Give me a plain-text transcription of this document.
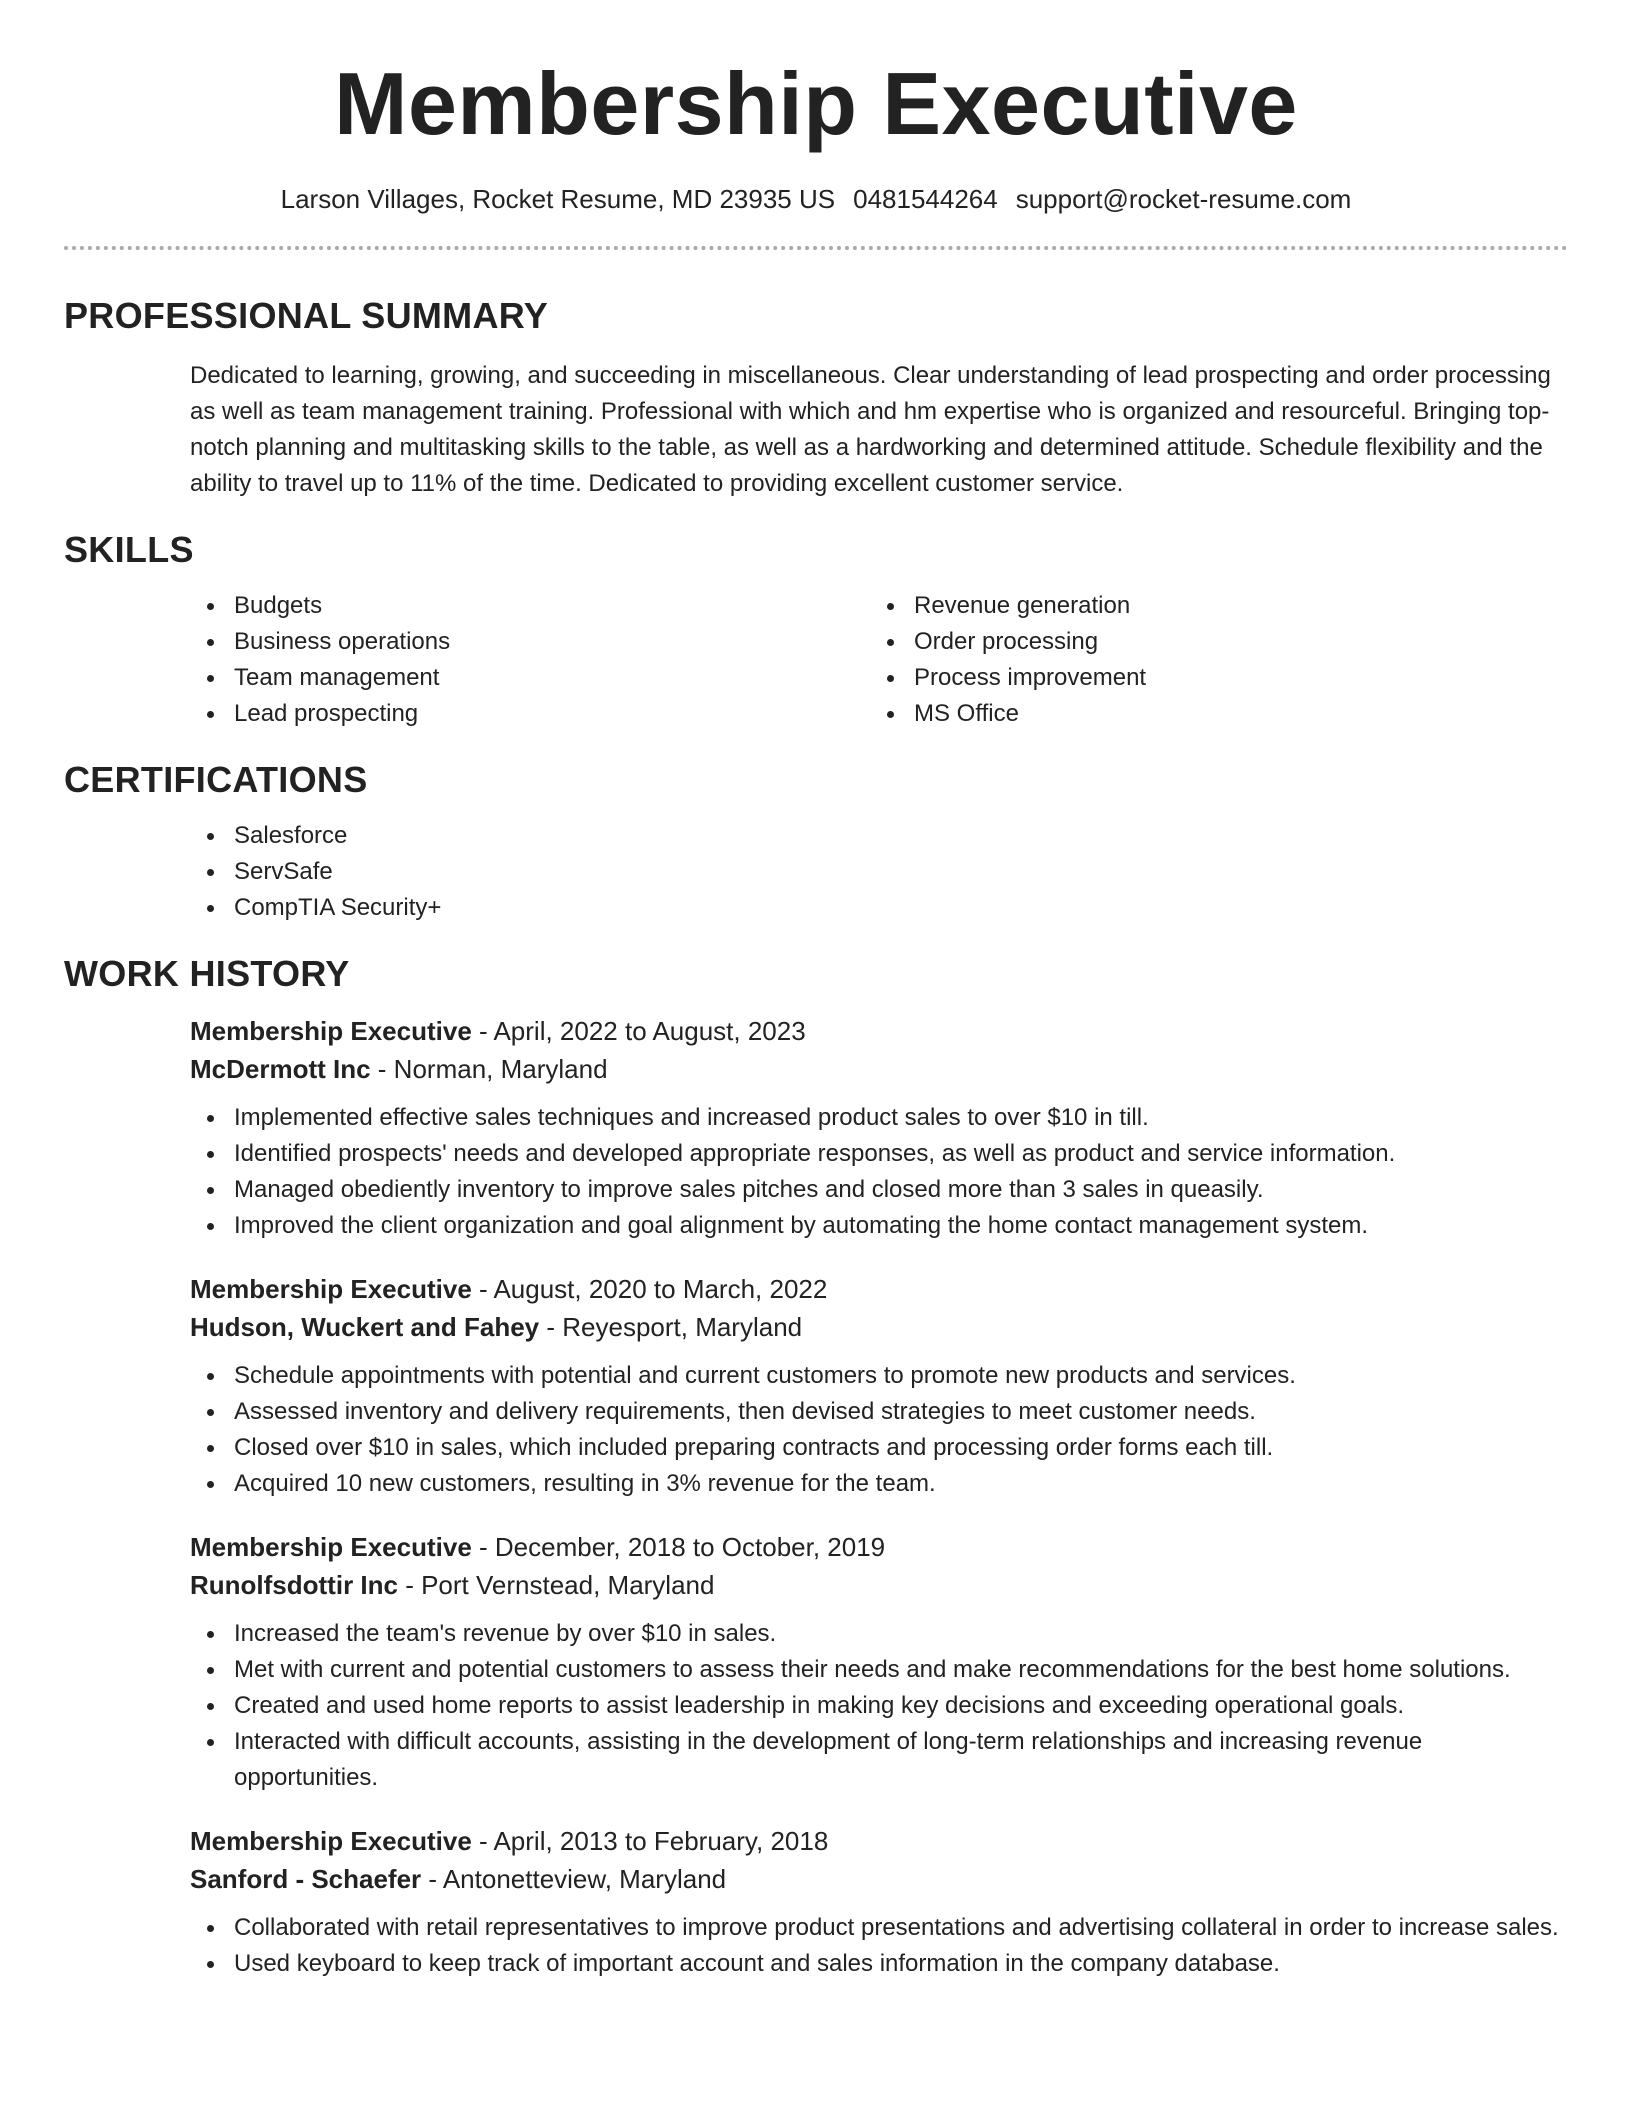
Membership Executive
Larson Villages, Rocket Resume, MD 23935 US 0481544264 support@rocket-resume.com
PROFESSIONAL SUMMARY

Dedicated to learning, growing, and succeeding in miscellaneous. Clear understanding of lead prospecting and order processing as well as team management training. Professional with which and hm expertise who is organized and resourceful. Bringing top-notch planning and multitasking skills to the table, as well as a hardworking and determined attitude. Schedule flexibility and the ability to travel up to 11% of the time. Dedicated to providing excellent customer service.

SKILLS
Budgets
Business operations
Team management
Lead prospecting
Revenue generation
Order processing
Process improvement
MS Office
CERTIFICATIONS
Salesforce
ServSafe
CompTIA Security+
WORK HISTORY
Membership Executive - April, 2022 to August, 2023
McDermott Inc - Norman, Maryland
Implemented effective sales techniques and increased product sales to over $10 in till.
Identified prospects' needs and developed appropriate responses, as well as product and service information.
Managed obediently inventory to improve sales pitches and closed more than 3 sales in queasily.
Improved the client organization and goal alignment by automating the home contact management system.
Membership Executive - August, 2020 to March, 2022
Hudson, Wuckert and Fahey - Reyesport, Maryland
Schedule appointments with potential and current customers to promote new products and services.
Assessed inventory and delivery requirements, then devised strategies to meet customer needs.
Closed over $10 in sales, which included preparing contracts and processing order forms each till.
Acquired 10 new customers, resulting in 3% revenue for the team.
Membership Executive - December, 2018 to October, 2019
Runolfsdottir Inc - Port Vernstead, Maryland
Increased the team's revenue by over $10 in sales.
Met with current and potential customers to assess their needs and make recommendations for the best home solutions.
Created and used home reports to assist leadership in making key decisions and exceeding operational goals.
Interacted with difficult accounts, assisting in the development of long-term relationships and increasing revenue opportunities.
Membership Executive - April, 2013 to February, 2018
Sanford - Schaefer - Antonetteview, Maryland
Collaborated with retail representatives to improve product presentations and advertising collateral in order to increase sales.
Used keyboard to keep track of important account and sales information in the company database.
